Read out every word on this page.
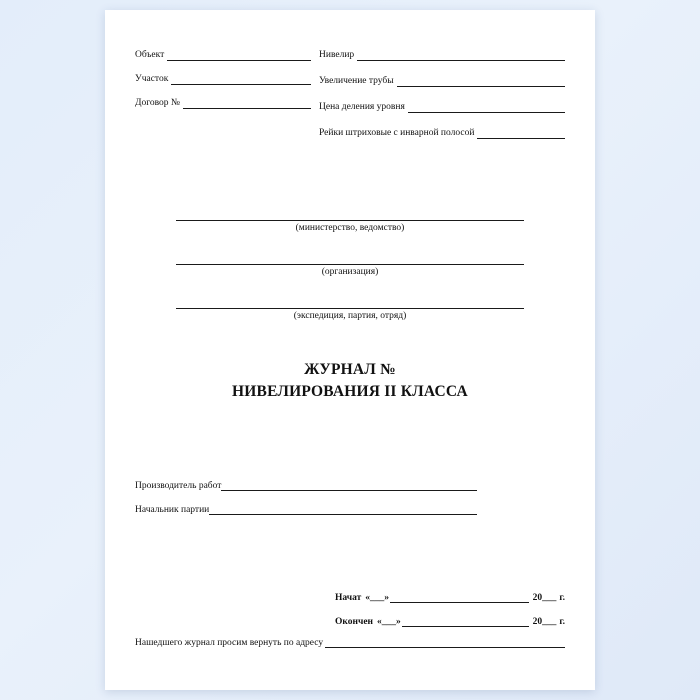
Объект
Участок
Договор №
Нивелир
Увеличение трубы
Цена деления уровня
Рейки штриховые с инварной полосой
(министерство, ведомство)
(организация)
(экспедиция, партия, отряд)
ЖУРНАЛ №
НИВЕЛИРОВАНИЯ II КЛАССА
Производитель работ
Начальник партии
Начат «___»	20___ г.
Окончен «___»	20___ г.
Нашедшего журнал просим вернуть по адресу
